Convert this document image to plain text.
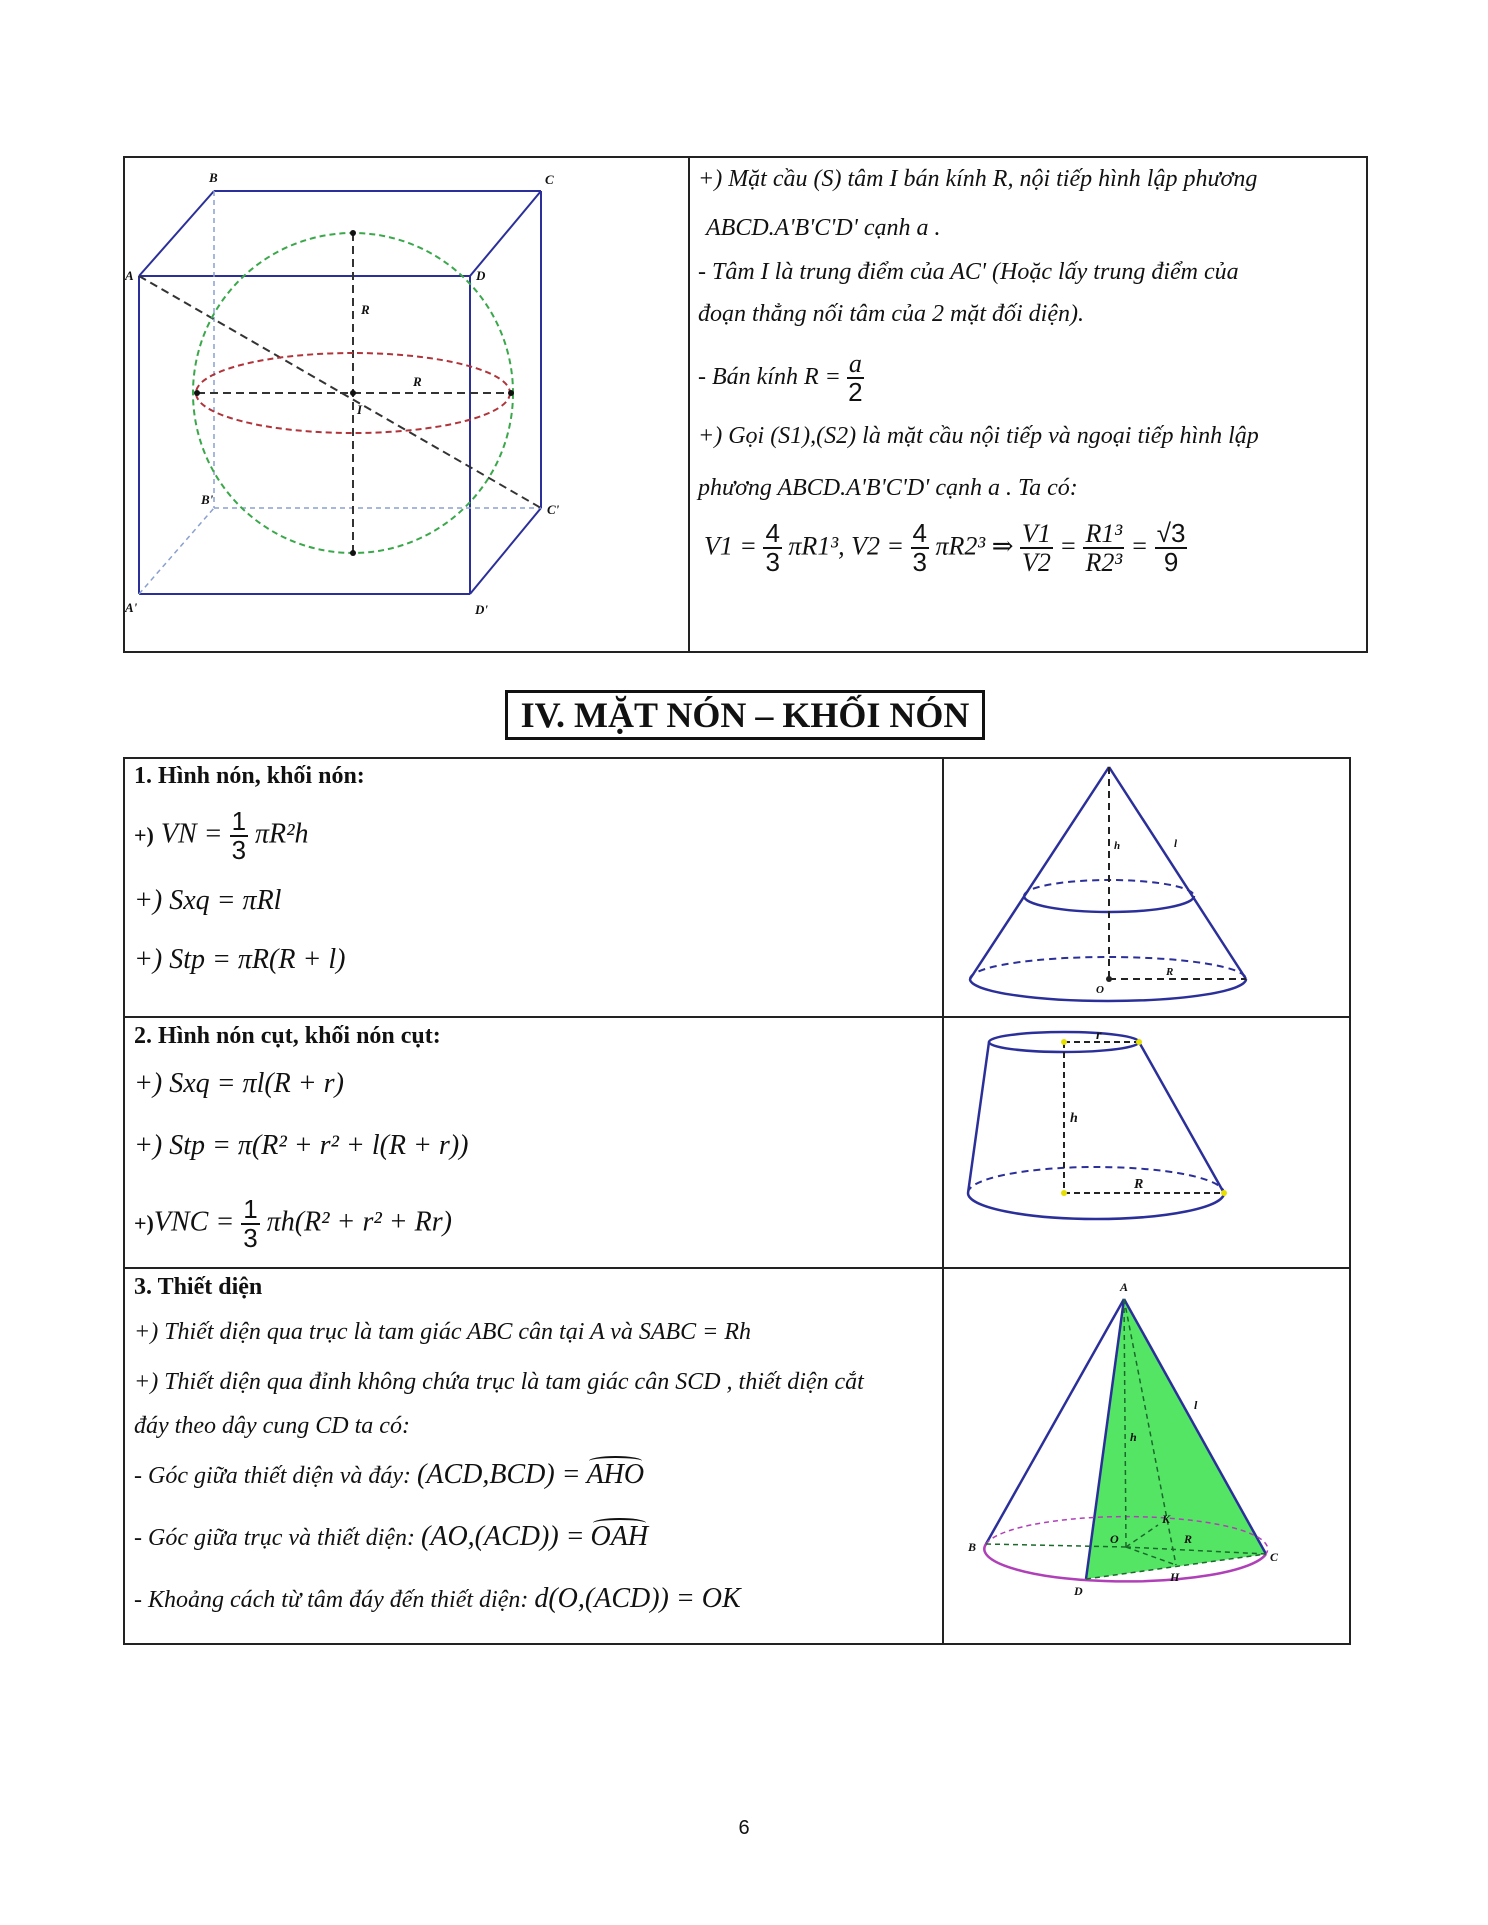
B	C
A	D
R
R
I
B'
C'
A'	D'
+) Mặt cầu (S) tâm I bán kính R, nội tiếp hình lập phương
ABCD.A'B'C'D' cạnh a .
- Tâm I là trung điểm của AC' (Hoặc lấy trung điểm của
đoạn thẳng nối tâm của 2 mặt đối diện).
- Bán kính $R = \frac{a}{2}$
+) Gọi (S1),(S2) là mặt cầu nội tiếp và ngoại tiếp hình lập
phương ABCD.A'B'C'D' cạnh a . Ta có:
$V1 = \frac{4}{3} \pi R1^3$, $V2 = \frac{4}{3} \pi R2^3$ ⇒ $\frac{V1}{V2} = \frac{\text{R1³}}{\text{R2³}} = \frac{√3}{9}$
IV. MẶT NÓN – KHỐI NÓN
1. Hình nón, khối nón:
+) VN = $\frac{1}{3} \pi R^2h$
+) Sxq = πRl
+) Stp = πR(R + l)
h	l
O
R
2. Hình nón cụt, khối nón cụt:
+) Sxq = πl(R + r)
+) Stp = π(R² + r² + l(R + r))
$+)VNC = \frac{1}{3} \pi h(R^2 + r^2 + Rr)$
r
h
R
3. Thiết diện
+) Thiết diện qua trục là tam giác ABC cân tại A và SABC = Rh
+) Thiết diện qua đỉnh không chứa trục là tam giác cân SCD , thiết diện cắt
đáy theo dây cung CD ta có:
- Góc giữa thiết diện và đáy: (ACD,BCD) = AHO
- Góc giữa trục và thiết diện: (AO,(ACD)) = OAH
- Khoảng cách từ tâm đáy đến thiết diện: d(O,(ACD)) = OK
A
l
h
K
O	R
B
C
D
H
6
